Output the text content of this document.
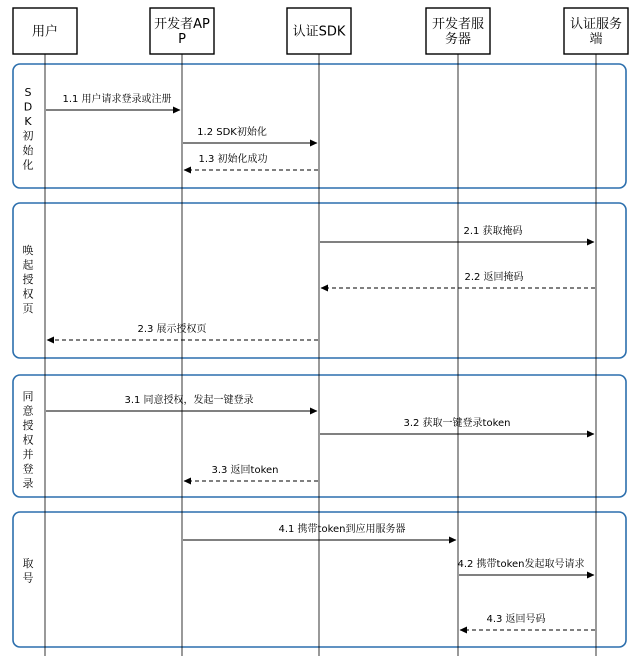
S
D
K
初
始
化
唤
起
授
权
页
同
意
授
权
并
登
录
取
号
用户	开发者AP
P	认证SDK	开发者服
务器
认证服务
端
1.1 用户请求登录或注册
1.2 SDK初始化
1.3 初始化成功
2.1 获取掩码
2.2 返回掩码
2.3 展示授权页
3.1 同意授权，发起一键登录
3.2 获取一键登录token
3.3 返回token
4.1 携带token到应用服务器
4.2 携带token发起取号请求
4.3 返回号码
